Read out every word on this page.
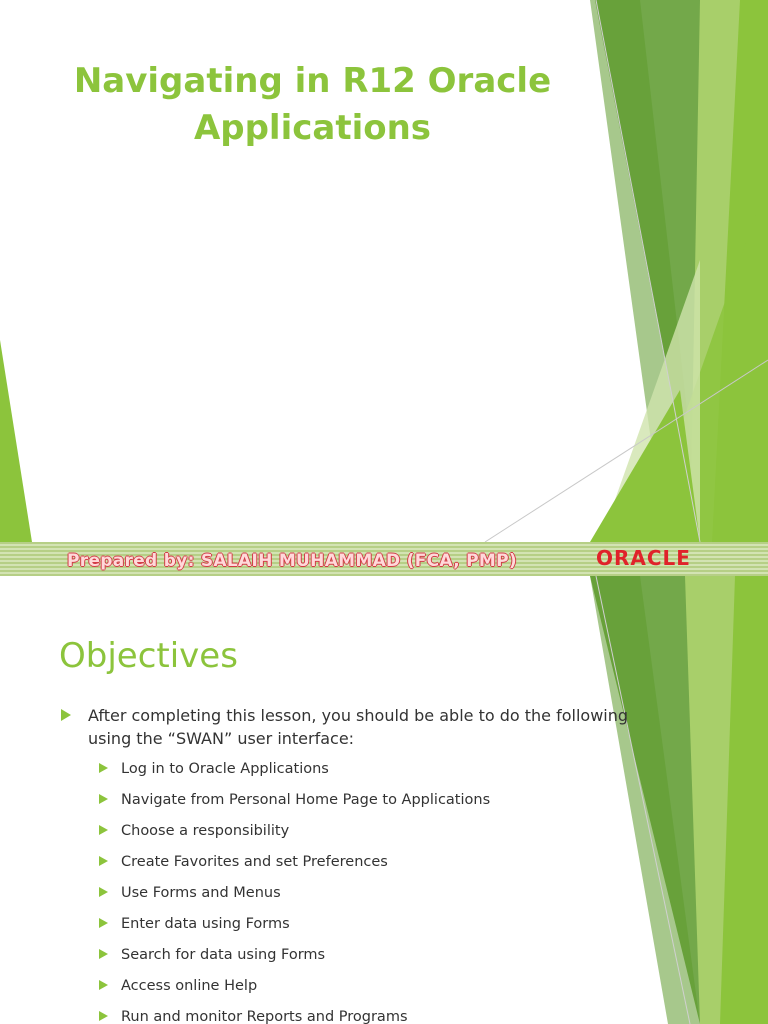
Navigating in R12 Oracle
Applications
Prepared by: SALAIH MUHAMMAD (FCA, PMP)	ORACLE
Objectives
After completing this lesson, you should be able to do the following
using the “SWAN” user interface:
Log in to Oracle Applications
Navigate from Personal Home Page to Applications
Choose a responsibility
Create Favorites and set Preferences
Use Forms and Menus
Enter data using Forms
Search for data using Forms
Access online Help
Run and monitor Reports and Programs
